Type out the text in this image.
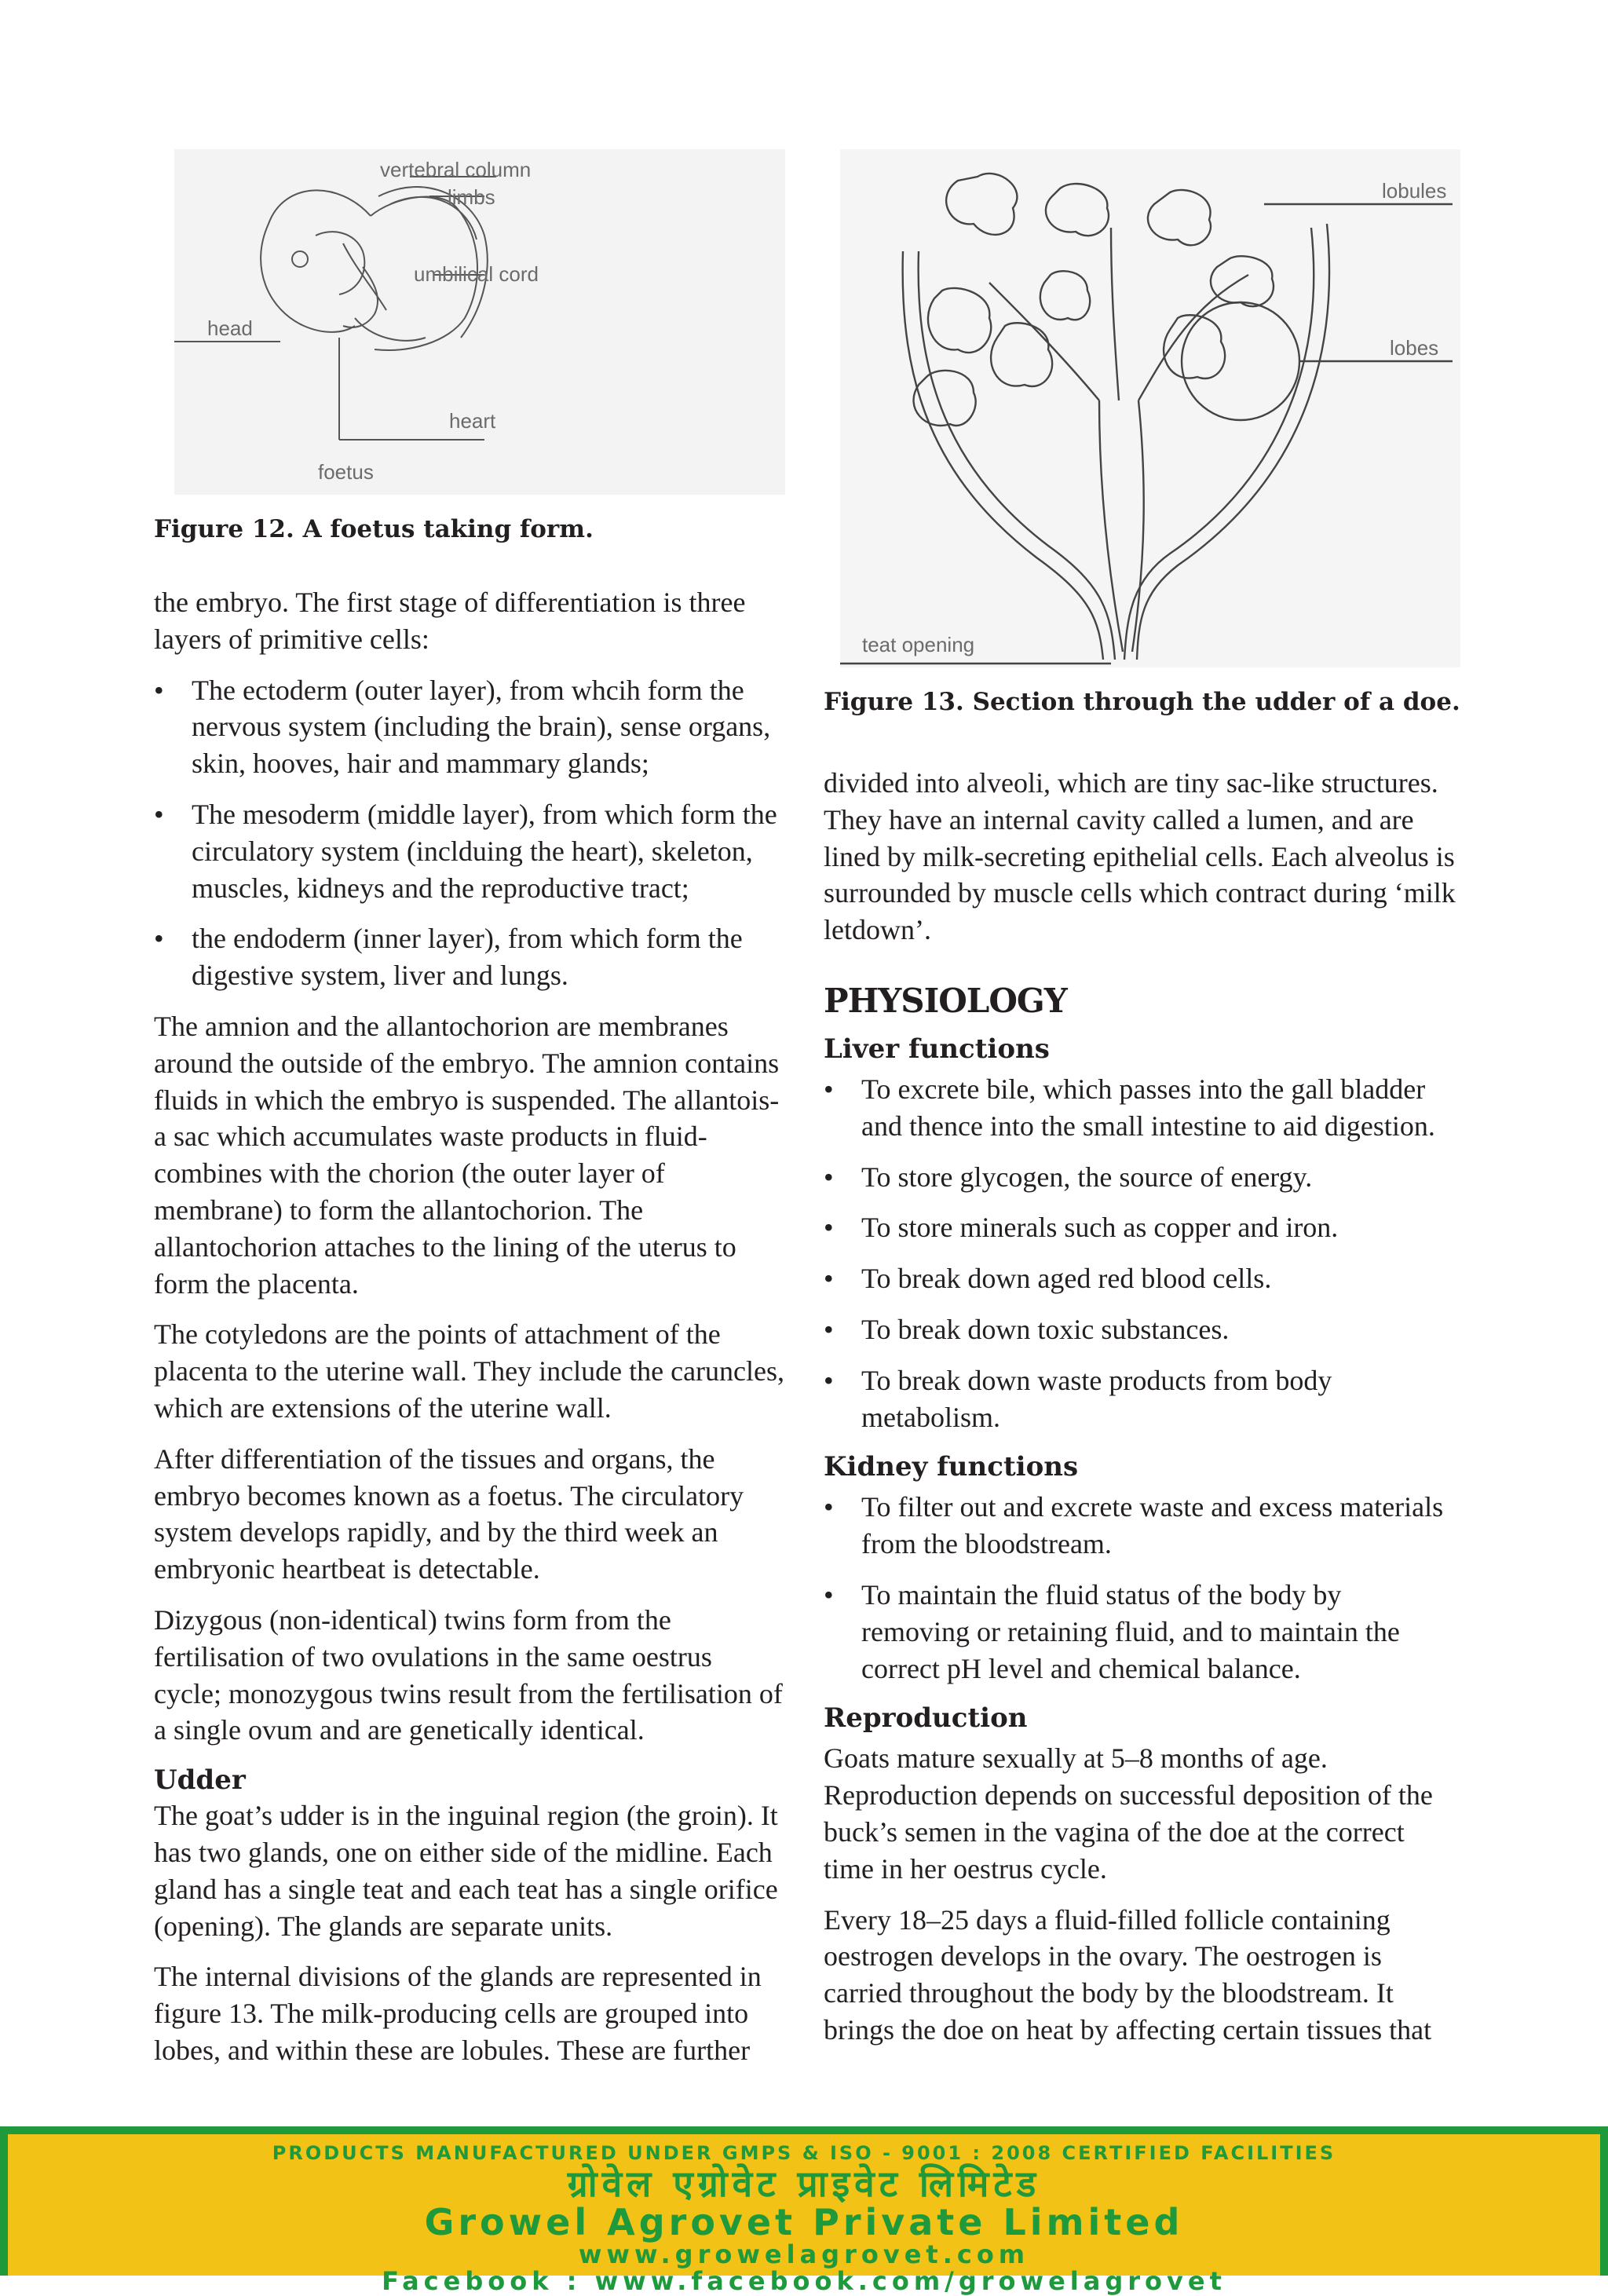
vertebral column
limbs
umbilical cord
head
heart
foetus

Figure 12. A foetus taking form.

lobules
lobes
teat opening

Figure 13. Section through the udder of a doe.

the embryo. The first stage of differentiation is three layers of primitive cells:

• The ectoderm (outer layer), from whcih form the nervous system (including the brain), sense organs, skin, hooves, hair and mammary glands;
• The mesoderm (middle layer), from which form the circulatory system (inclduing the heart), skeleton, muscles, kidneys and the reproductive tract;
• the endoderm (inner layer), from which form the digestive system, liver and lungs.

The amnion and the allantochorion are membranes around the outside of the embryo. The amnion contains fluids in which the embryo is suspended. The allantois-a sac which accumulates waste products in fluid-combines with the chorion (the outer layer of membrane) to form the allantochorion. The allantochorion attaches to the lining of the uterus to form the placenta.

The cotyledons are the points of attachment of the placenta to the uterine wall. They include the caruncles, which are extensions of the uterine wall.

After differentiation of the tissues and organs, the embryo becomes known as a foetus. The circulatory system develops rapidly, and by the third week an embryonic heartbeat is detectable.

Dizygous (non-identical) twins form from the fertilisation of two ovulations in the same oestrus cycle; monozygous twins result from the fertilisation of a single ovum and are genetically identical.

Udder

The goat’s udder is in the inguinal region (the groin). It has two glands, one on either side of the midline. Each gland has a single teat and each teat has a single orifice (opening). The glands are separate units.

The internal divisions of the glands are represented in figure 13. The milk-producing cells are grouped into lobes, and within these are lobules. These are further

divided into alveoli, which are tiny sac-like structures. They have an internal cavity called a lumen, and are lined by milk-secreting epithelial cells. Each alveolus is surrounded by muscle cells which contract during ‘milk letdown’.

PHYSIOLOGY
Liver functions
• To excrete bile, which passes into the gall bladder and thence into the small intestine to aid digestion.
• To store glycogen, the source of energy.
• To store minerals such as copper and iron.
• To break down aged red blood cells.
• To break down toxic substances.
• To break down waste products from body metabolism.
Kidney functions
• To filter out and excrete waste and excess materials from the bloodstream.
• To maintain the fluid status of the body by removing or retaining fluid, and to maintain the correct pH level and chemical balance.
Reproduction

Goats mature sexually at 5–8 months of age. Reproduction depends on successful deposition of the buck’s semen in the vagina of the doe at the correct time in her oestrus cycle.

Every 18–25 days a fluid-filled follicle containing oestrogen develops in the ovary. The oestrogen is carried throughout the body by the bloodstream. It brings the doe on heat by affecting certain tissues that

PRODUCTS MANUFACTURED UNDER GMPS & ISO - 9001 : 2008 CERTIFIED FACILITIES
ग्रोवेल एग्रोवेट प्राइवेट लिमिटेड
Growel Agrovet Private Limited
www.growelagrovet.com
Facebook : www.facebook.com/growelagrovet
